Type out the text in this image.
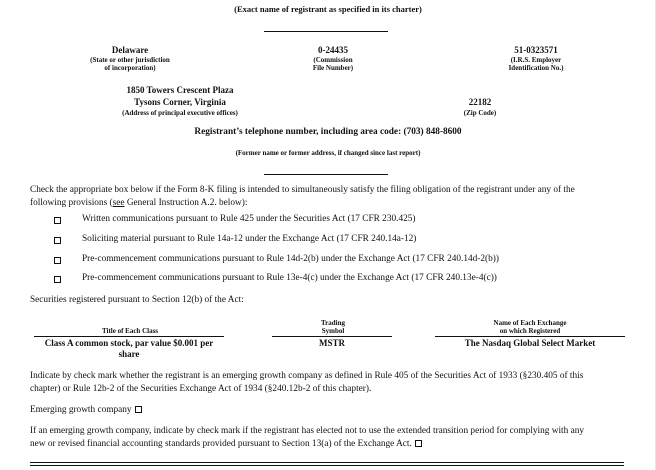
(Exact name of registrant as specified in its charter)
Delaware
(State or other jurisdiction
of incorporation)
0-24435
(Commission
File Number)
51-0323571
(I.R.S. Employer
Identification No.)
1850 Towers Crescent Plaza
Tysons Corner, Virginia
(Address of principal executive offices)
22182
(Zip Code)
Registrant’s telephone number, including area code: (703) 848-8600
(Former name or former address, if changed since last report)
Check the appropriate box below if the Form 8-K filing is intended to simultaneously satisfy the filing obligation of the registrant under any of the
following provisions (see General Instruction A.2. below):
Written communications pursuant to Rule 425 under the Securities Act (17 CFR 230.425)
Soliciting material pursuant to Rule 14a-12 under the Exchange Act (17 CFR 240.14a-12)
Pre-commencement communications pursuant to Rule 14d-2(b) under the Exchange Act (17 CFR 240.14d-2(b))
Pre-commencement communications pursuant to Rule 13e-4(c) under the Exchange Act (17 CFR 240.13e-4(c))
Securities registered pursuant to Section 12(b) of the Act:
Title of Each Class
Trading
Symbol
Name of Each Exchange
on which Registered
Class A common stock, par value $0.001 per
share
MSTR	The Nasdaq Global Select Market
Indicate by check mark whether the registrant is an emerging growth company as defined in Rule 405 of the Securities Act of 1933 (§230.405 of this
chapter) or Rule 12b-2 of the Securities Exchange Act of 1934 (§240.12b-2 of this chapter).
Emerging growth company
If an emerging growth company, indicate by check mark if the registrant has elected not to use the extended transition period for complying with any
new or revised financial accounting standards provided pursuant to Section 13(a) of the Exchange Act.
